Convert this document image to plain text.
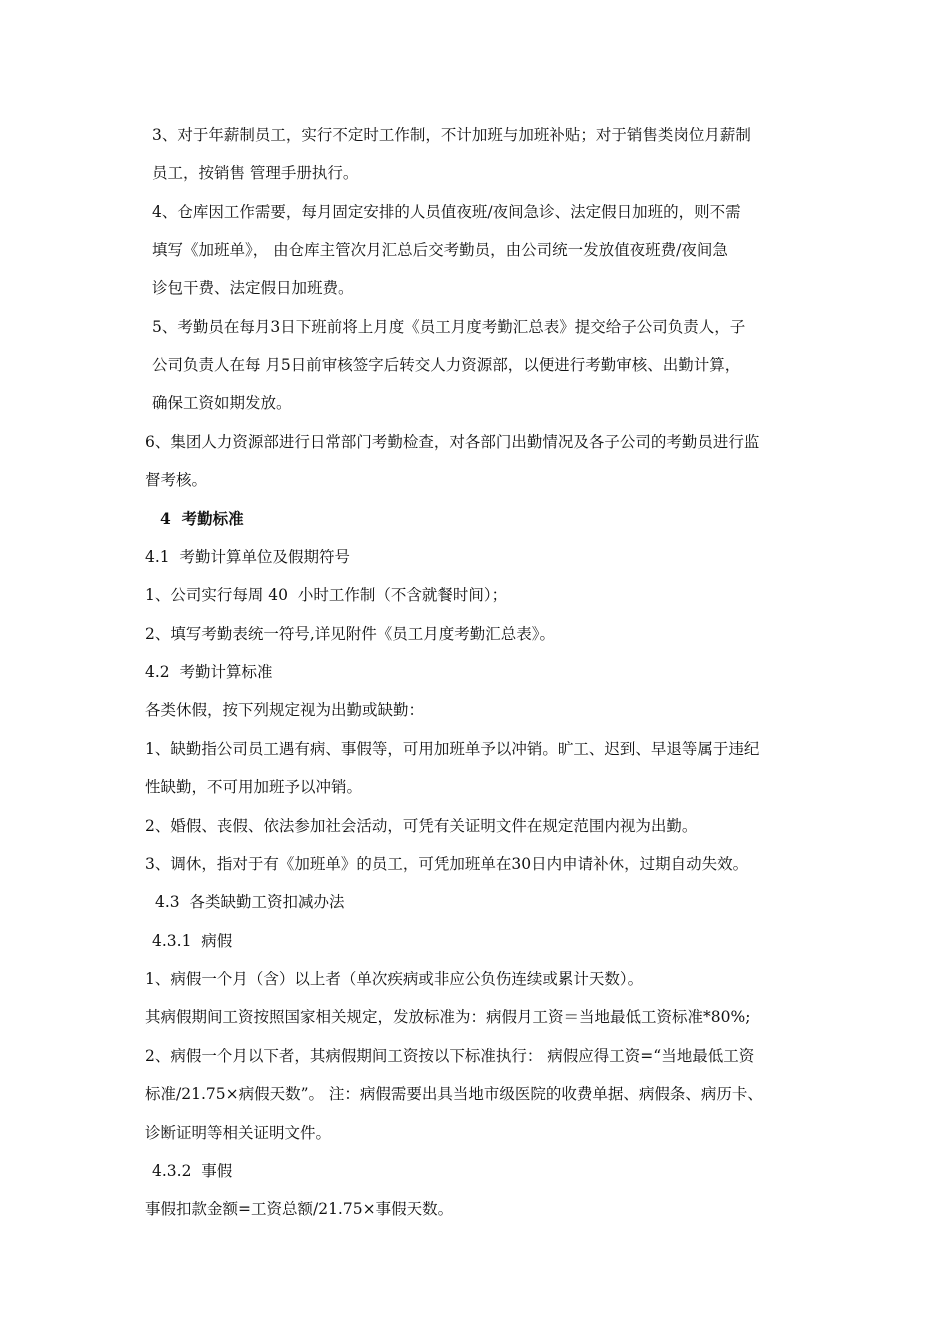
3、对于年薪制员工，实行不定时工作制，不计加班与加班补贴；对于销售类岗位月薪制
员工，按销售 管理手册执行。
4、仓库因工作需要，每月固定安排的人员值夜班/夜间急诊、法定假日加班的，则不需
填写《加班单》， 由仓库主管次月汇总后交考勤员，由公司统一发放值夜班费/夜间急
诊包干费、法定假日加班费。
5、考勤员在每月3日下班前将上月度《员工月度考勤汇总表》提交给子公司负责人，子
公司负责人在每 月5日前审核签字后转交人力资源部，以便进行考勤审核、出勤计算，
确保工资如期发放。
6、集团人力资源部进行日常部门考勤检查，对各部门出勤情况及各子公司的考勤员进行监
督考核。
4  考勤标准
4.1  考勤计算单位及假期符号
1、公司实行每周 40  小时工作制（不含就餐时间）；
2、填写考勤表统一符号,详见附件《员工月度考勤汇总表》。
4.2  考勤计算标准
各类休假，按下列规定视为出勤或缺勤：
1、缺勤指公司员工遇有病、事假等，可用加班单予以冲销。旷工、迟到、早退等属于违纪
性缺勤，不可用加班予以冲销。
2、婚假、丧假、依法参加社会活动，可凭有关证明文件在规定范围内视为出勤。
3、调休，指对于有《加班单》的员工，可凭加班单在30日内申请补休，过期自动失效。
4.3  各类缺勤工资扣减办法
4.3.1  病假
1、病假一个月（含）以上者（单次疾病或非应公负伤连续或累计天数）。
其病假期间工资按照国家相关规定，发放标准为：病假月工资＝当地最低工资标准*80%;
2、病假一个月以下者，其病假期间工资按以下标准执行： 病假应得工资=“当地最低工资
标准/21.75×病假天数”。 注：病假需要出具当地市级医院的收费单据、病假条、病历卡、
诊断证明等相关证明文件。
4.3.2  事假
事假扣款金额=工资总额/21.75×事假天数。
